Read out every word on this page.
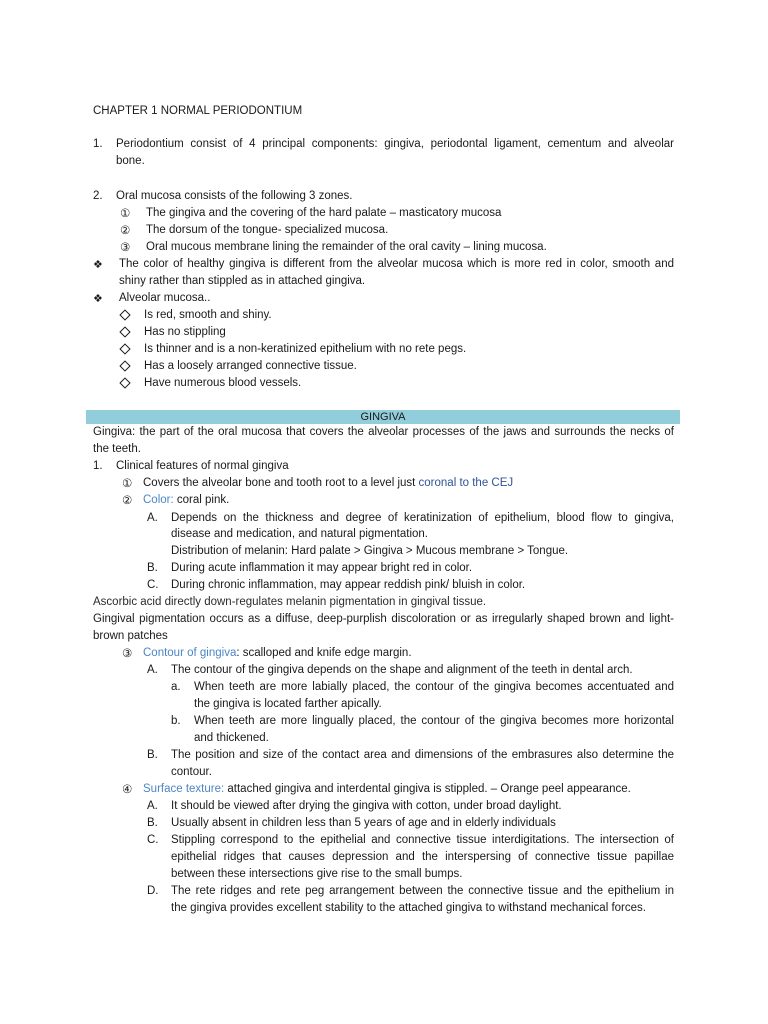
CHAPTER 1 NORMAL PERIODONTIUM
1. Periodontium consist of 4 principal components: gingiva, periodontal ligament, cementum and alveolar
bone.
2. Oral mucosa consists of the following 3 zones.
① The gingiva and the covering of the hard palate – masticatory mucosa
② The dorsum of the tongue- specialized mucosa.
③ Oral mucous membrane lining the remainder of the oral cavity – lining mucosa.
❖ The color of healthy gingiva is different from the alveolar mucosa which is more red in color, smooth and
shiny rather than stippled as in attached gingiva.
❖ Alveolar mucosa..
Is red, smooth and shiny.
Has no stippling
Is thinner and is a non-keratinized epithelium with no rete pegs.
Has a loosely arranged connective tissue.
Have numerous blood vessels.
GINGIVA
Gingiva: the part of the oral mucosa that covers the alveolar processes of the jaws and surrounds the necks of
the teeth.
1. Clinical features of normal gingiva
① Covers the alveolar bone and tooth root to a level just coronal to the CEJ
② Color: coral pink.
A. Depends on the thickness and degree of keratinization of epithelium, blood flow to gingiva,
disease and medication, and natural pigmentation.
Distribution of melanin: Hard palate > Gingiva > Mucous membrane > Tongue.
B. During acute inflammation it may appear bright red in color.
C. During chronic inflammation, may appear reddish pink/ bluish in color.
Ascorbic acid directly down-regulates melanin pigmentation in gingival tissue.
Gingival pigmentation occurs as a diffuse, deep-purplish discoloration or as irregularly shaped brown and light-
brown patches
③ Contour of gingiva: scalloped and knife edge margin.
A. The contour of the gingiva depends on the shape and alignment of the teeth in dental arch.
a. When teeth are more labially placed, the contour of the gingiva becomes accentuated and
the gingiva is located farther apically.
b. When teeth are more lingually placed, the contour of the gingiva becomes more horizontal
and thickened.
B. The position and size of the contact area and dimensions of the embrasures also determine the
contour.
④ Surface texture: attached gingiva and interdental gingiva is stippled. – Orange peel appearance.
A. It should be viewed after drying the gingiva with cotton, under broad daylight.
B. Usually absent in children less than 5 years of age and in elderly individuals
C. Stippling correspond to the epithelial and connective tissue interdigitations. The intersection of
epithelial ridges that causes depression and the interspersing of connective tissue papillae
between these intersections give rise to the small bumps.
D. The rete ridges and rete peg arrangement between the connective tissue and the epithelium in
the gingiva provides excellent stability to the attached gingiva to withstand mechanical forces.
